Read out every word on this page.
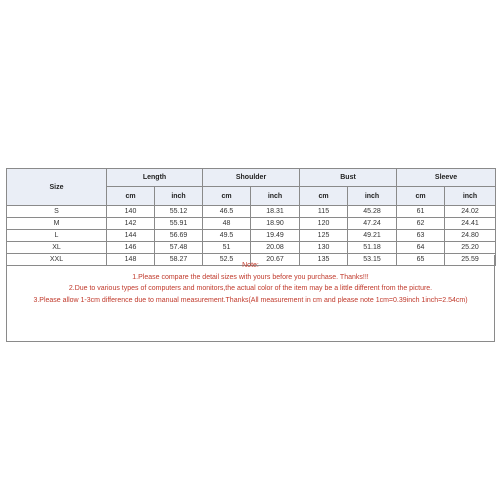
Size	Length		Shoulder		Bust		Sleeve	
	cm	inch	cm	inch	cm	inch	cm	inch
S	140	55.12	46.5	18.31	115	45.28	61	24.02
M	142	55.91	48	18.90	120	47.24	62	24.41
L	144	56.69	49.5	19.49	125	49.21	63	24.80
XL	146	57.48	51	20.08	130	51.18	64	25.20
XXL	148	58.27	52.5	20.67	135	53.15	65	25.59
Note:
1.Please compare the detail sizes with yours before you purchase. Thanks!!!
2.Due to various types of computers and monitors,the actual color of the item may be a little different from the picture.
3.Please allow 1-3cm difference due to manual measurement.Thanks(All measurement in cm and please note 1cm=0.39inch 1inch=2.54cm)
